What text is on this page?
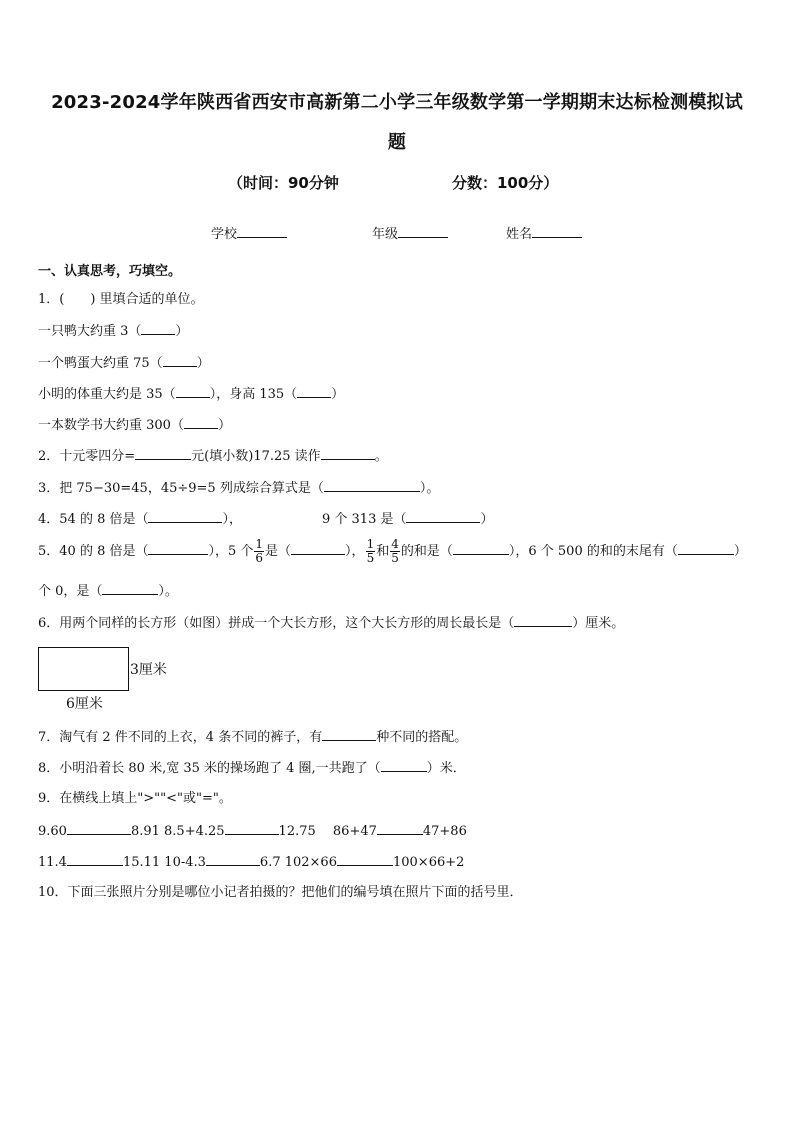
2023-2024学年陕西省西安市高新第二小学三年级数学第一学期期末达标检测模拟试
题
（时间：90分钟	分数：100分）
学校	年级	姓名
一、认真思考，巧填空。
1．(　　) 里填合适的单位。
一只鸭大约重 3（	）
一个鸭蛋大约重 75（	）
小明的体重大约是 35（	），身高 135（	）
一本数学书大约重 300（	）
2．十元零四分=	元(填小数)17.25 读作	。
3．把 75−30=45，45÷9=5 列成综合算式是（	）。
4．54 的 8 倍是（	），	9 个 313 是（	）
5．40 的 8 倍是（	），5 个 $\frac{1}{6}$ 是（	）， $\frac{1}{5}$ 和 $\frac{4}{5}$ 的和是（	），6 个 500 的和的末尾有（	）
个 0，是（	）。
6．用两个同样的长方形（如图）拼成一个大长方形，这个大长方形的周长最长是（	）厘米。
3厘米
6厘米
7．淘气有 2 件不同的上衣，4 条不同的裤子，有	种不同的搭配。
8．小明沿着长 80 米,宽 35 米的操场跑了 4 圈,一共跑了（	）米．
9．在横线上填上">""<"或"="。
9.60	8.91 8.5+4.25	12.75　 86+47	47+86
11.4	15.11 10-4.3	6.7 102×66	100×66+2
10．下面三张照片分别是哪位小记者拍摄的？把他们的编号填在照片下面的括号里．
